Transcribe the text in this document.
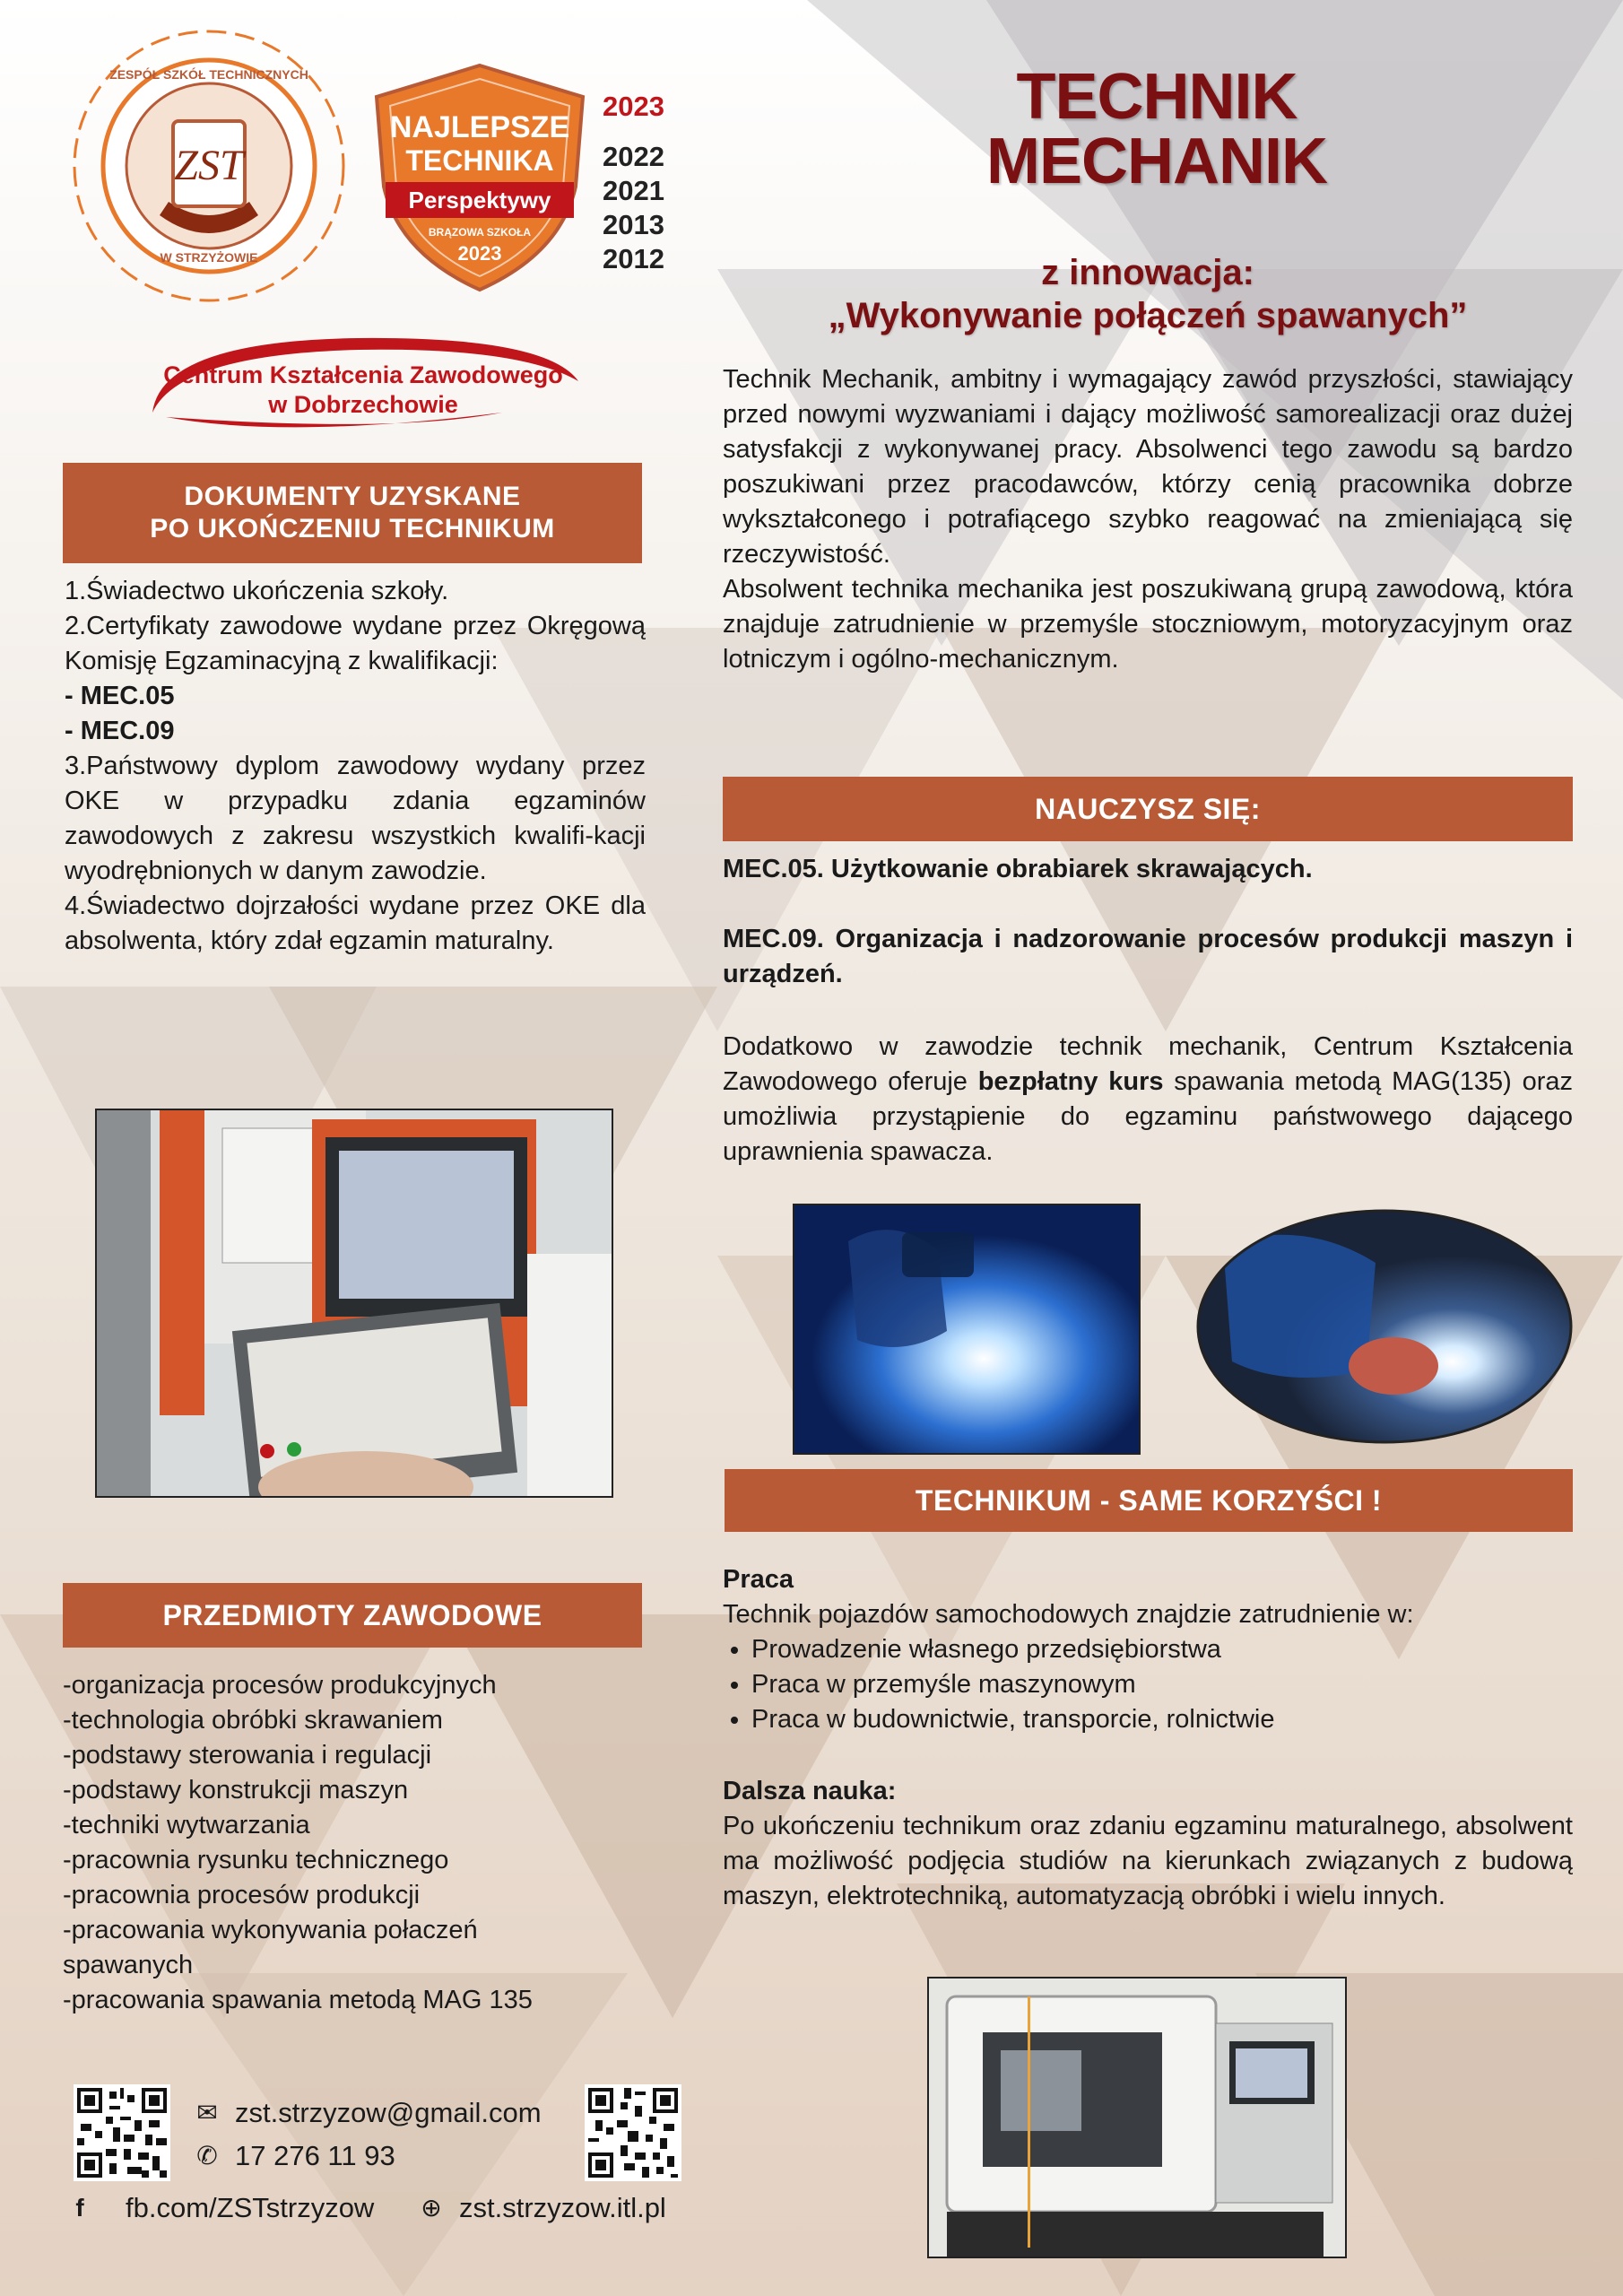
ZST
ZESPÓŁ SZKÓŁ TECHNICZNYCH
W STRZYŻOWIE
NAJLEPSZE
TECHNIKA
Perspektywy
BRĄZOWA SZKOŁA
2023
2023
2022
2021
2013
2012
Centrum Kształcenia Zawodowego
w Dobrzechowie
TECHNIK
MECHANIK
z innowacja:
„Wykonywanie połączeń spawanych”

Technik Mechanik, ambitny i wymagający zawód przyszłości, stawiający przed nowymi wyzwaniami i dający możliwość samorealizacji oraz dużej satysfakcji z wykonywanej pracy. Absolwenci tego zawodu są bardzo poszukiwani przez pracodawców, którzy cenią pracownika dobrze wykształconego i potrafiącego szybko reagować na zmieniającą się rzeczywistość.

Absolwent technika mechanika jest poszukiwaną grupą zawodową, która znajduje zatrudnienie w przemyśle stoczniowym, motoryzacyjnym oraz lotniczym i ogólno-mechanicznym.

DOKUMENTY UZYSKANE
PO UKOŃCZENIU TECHNIKUM

1.Świadectwo ukończenia szkoły.

2.Certyfikaty zawodowe wydane przez Okręgową Komisję Egzaminacyjną z kwalifikacji:

- MEC.05

- MEC.09

3.Państwowy dyplom zawodowy wydany przez OKE w przypadku zdania egzaminów zawodowych z zakresu wszystkich kwalifi-kacji wyodrębnionych w danym zawodzie.

4.Świadectwo dojrzałości wydane przez OKE dla absolwenta, który zdał egzamin maturalny.

PRZEDMIOTY ZAWODOWE
-organizacja procesów produkcyjnych
-technologia obróbki skrawaniem
-podstawy sterowania i regulacji
-podstawy konstrukcji maszyn
-techniki wytwarzania
-pracownia rysunku technicznego
-pracownia procesów produkcji
-pracowania wykonywania połaczeń spawanych
-pracowania spawania metodą MAG 135
NAUCZYSZ SIĘ:
MEC.05. Użytkowanie obrabiarek skrawających.
MEC.09. Organizacja i nadzorowanie procesów produkcji maszyn i urządzeń.
Dodatkowo w zawodzie technik mechanik, Centrum Kształcenia Zawodowego oferuje bezpłatny kurs spawania metodą MAG(135) oraz umożliwia przystąpienie do egzaminu państwowego dającego uprawnienia spawacza.
TECHNIKUM - SAME KORZYŚCI !

Praca

Technik pojazdów samochodowych znajdzie zatrudnienie w:

• Prowadzenie własnego przedsiębiorstwa
• Praca w przemyśle maszynowym
• Praca w budownictwie, transporcie, rolnictwie

Dalsza nauka:

Po ukończeniu technikum oraz zdaniu egzaminu maturalnego, absolwent ma możliwość podjęcia studiów na kierunkach związanych z budową maszyn, elektrotechniką, automatyzacją obróbki i wielu innych.

✉ zst.strzyzow@gmail.com
✆ 17 276 11 93
f	fb.com/ZSTstrzyzow ⊕ zst.strzyzow.itl.pl
